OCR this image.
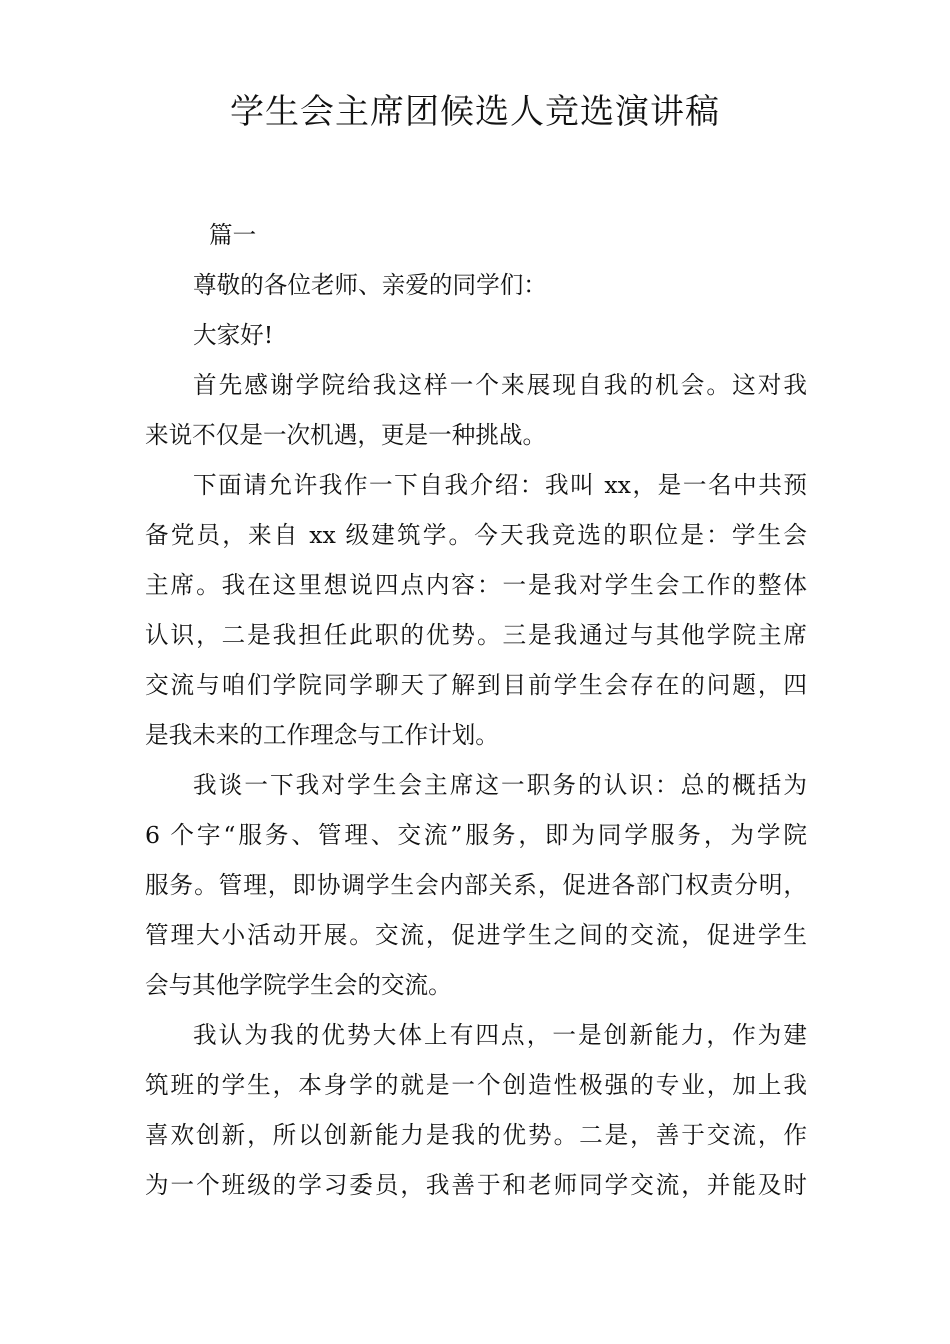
学生会主席团候选人竞选演讲稿
篇一
尊敬的各位老师、亲爱的同学们：
大家好!
首先感谢学院给我这样一个来展现自我的机会。这对我
来说不仅是一次机遇，更是一种挑战。
下面请允许我作一下自我介绍：我叫 xx，是一名中共预
备党员，来自 xx 级建筑学。今天我竞选的职位是：学生会
主席。我在这里想说四点内容：一是我对学生会工作的整体
认识，二是我担任此职的优势。三是我通过与其他学院主席
交流与咱们学院同学聊天了解到目前学生会存在的问题，四
是我未来的工作理念与工作计划。
我谈一下我对学生会主席这一职务的认识：总的概括为
6 个字“服务、管理、交流”服务，即为同学服务，为学院
服务。管理，即协调学生会内部关系，促进各部门权责分明，
管理大小活动开展。交流，促进学生之间的交流，促进学生
会与其他学院学生会的交流。
我认为我的优势大体上有四点，一是创新能力，作为建
筑班的学生，本身学的就是一个创造性极强的专业，加上我
喜欢创新，所以创新能力是我的优势。二是，善于交流，作
为一个班级的学习委员，我善于和老师同学交流，并能及时
